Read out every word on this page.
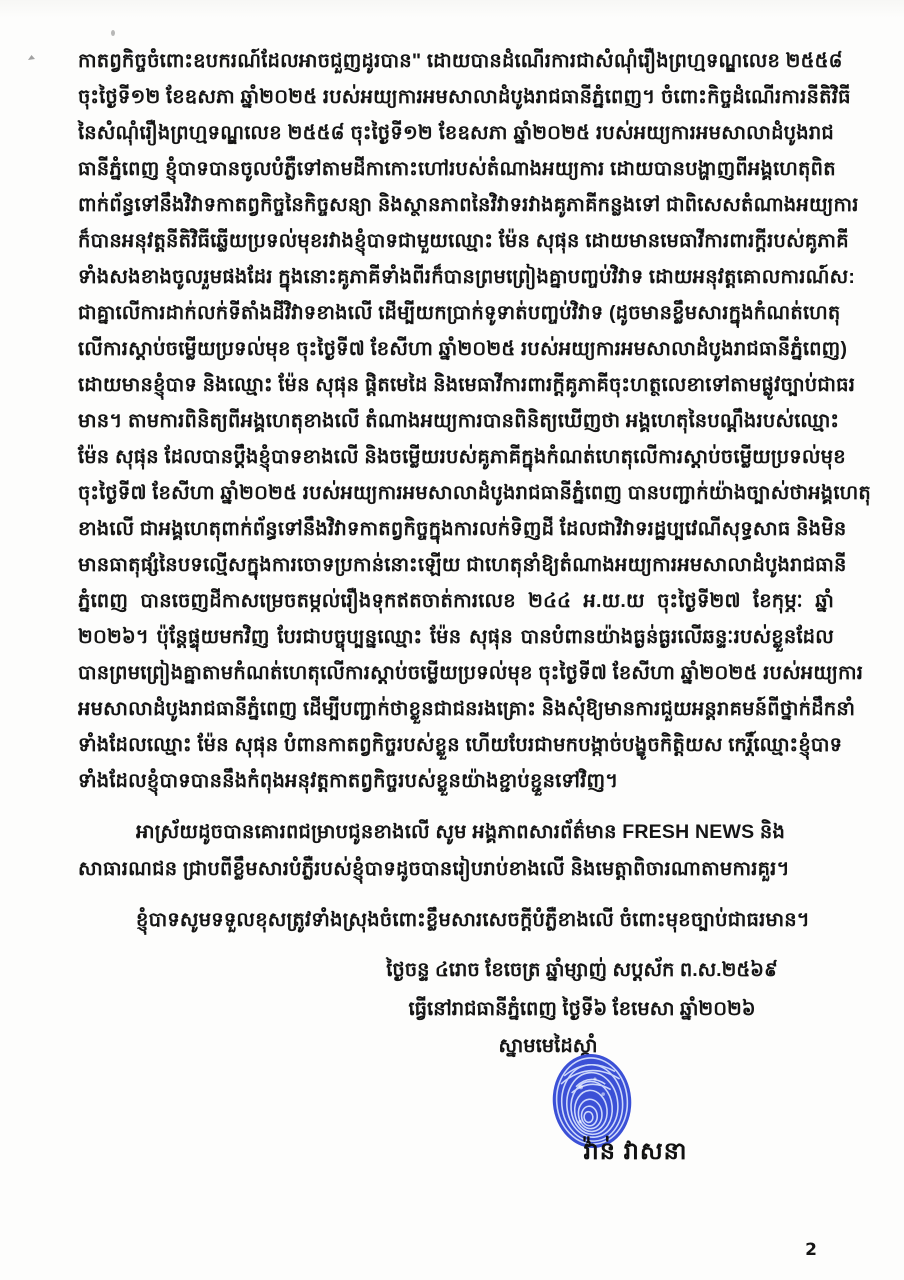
កាតព្វកិច្ចចំពោះឧបករណ៍ដែលអាចជួញដូរបាន" ដោយបានដំណើរការជាសំណុំរឿងព្រហ្មទណ្ឌលេខ ២៥៥៨
ចុះថ្ងៃទី១២ ខែឧសភា ឆ្នាំ២០២៥ របស់អយ្យការអមសាលាដំបូងរាជធានីភ្នំពេញ។ ចំពោះកិច្ចដំណើរការនីតិវិធី
នៃសំណុំរឿងព្រហ្មទណ្ឌលេខ ២៥៥៨ ចុះថ្ងៃទី១២ ខែឧសភា ឆ្នាំ២០២៥ របស់អយ្យការអមសាលាដំបូងរាជ
ធានីភ្នំពេញ ខ្ញុំបាទបានចូលបំភ្លឺទៅតាមដីកាកោះហៅរបស់តំណាងអយ្យការ ដោយបានបង្ហាញពីអង្គហេតុពិត
ពាក់ព័ន្ធទៅនឹងវិវាទកាតព្វកិច្ចនៃកិច្ចសន្យា និងស្ថានភាពនៃវិវាទរវាងគូភាគីកន្លងទៅ ជាពិសេសតំណាងអយ្យការ
ក៏បានអនុវត្តនីតិវិធីឆ្លើយប្រទល់មុខរវាងខ្ញុំបាទជាមួយឈ្មោះ ម៉ែន សុផុន ដោយមានមេធាវីការពារក្តីរបស់គូភាគី
ទាំងសងខាងចូលរួមផងដែរ ក្នុងនោះគូភាគីទាំងពីរក៏បានព្រមព្រៀងគ្នាបញ្ចប់វិវាទ ដោយអនុវត្តគោលការណ៍ស:
ជាគ្នាលើការដាក់លក់ទីតាំងដីវិវាទខាងលើ ដើម្បីយកប្រាក់ទូទាត់បញ្ចប់វិវាទ (ដូចមានខ្លឹមសារក្នុងកំណត់ហេតុ
លើការស្តាប់ចម្លើយប្រទល់មុខ ចុះថ្ងៃទី៧ ខែសីហា ឆ្នាំ២០២៥ របស់អយ្យការអមសាលាដំបូងរាជធានីភ្នំពេញ)
ដោយមានខ្ញុំបាទ និងឈ្មោះ ម៉ែន សុផុន ផ្តិតមេដៃ និងមេធាវីការពារក្តីគូភាគីចុះហត្ថលេខាទៅតាមផ្លូវច្បាប់ជាធរ
មាន។ តាមការពិនិត្យពីអង្គហេតុខាងលើ តំណាងអយ្យការបានពិនិត្យឃើញថា អង្គហេតុនៃបណ្តឹងរបស់ឈ្មោះ
ម៉ែន សុផុន ដែលបានប្តឹងខ្ញុំបាទខាងលើ និងចម្លើយរបស់គូភាគីក្នុងកំណត់ហេតុលើការស្តាប់ចម្លើយប្រទល់មុខ
ចុះថ្ងៃទី៧ ខែសីហា ឆ្នាំ២០២៥ របស់អយ្យការអមសាលាដំបូងរាជធានីភ្នំពេញ បានបញ្ជាក់យ៉ាងច្បាស់ថាអង្គហេតុ
ខាងលើ ជាអង្គហេតុពាក់ព័ន្ធទៅនឹងវិវាទកាតព្វកិច្ចក្នុងការលក់ទិញដី ដែលជាវិវាទរដ្ឋប្បវេណីសុទ្ធសាធ និងមិន
មានធាតុផ្សំនៃបទល្មើសក្នុងការចោទប្រកាន់នោះឡើយ ជាហេតុនាំឱ្យតំណាងអយ្យការអមសាលាដំបូងរាជធានី
ភ្នំពេញ បានចេញដីកាសម្រេចតម្កល់រឿងទុកឥតចាត់ការលេខ ២៤៤ អ.យ.យ ចុះថ្ងៃទី២៧ ខែកុម្ភៈ ឆ្នាំ
២០២៦។ ប៉ុន្តែផ្ទុយមកវិញ បែរជាបច្ចុប្បន្នឈ្មោះ ម៉ែន សុផុន បានបំពានយ៉ាងធ្ងន់ធ្ងរលើឆន្ទៈរបស់ខ្លួនដែល
បានព្រមព្រៀងគ្នាតាមកំណត់ហេតុលើការស្តាប់ចម្លើយប្រទល់មុខ ចុះថ្ងៃទី៧ ខែសីហា ឆ្នាំ២០២៥ របស់អយ្យការ
អមសាលាដំបូងរាជធានីភ្នំពេញ ដើម្បីបញ្ជាក់ថាខ្លួនជាជនរងគ្រោះ និងសុំឱ្យមានការជួយអន្តរាគមន៍ពីថ្នាក់ដឹកនាំ
ទាំងដែលឈ្មោះ ម៉ែន សុផុន បំពានកាតព្វកិច្ចរបស់ខ្លួន ហើយបែរជាមកបង្កាច់បង្ខូចកិត្តិយស កេរ្តិ៍ឈ្មោះខ្ញុំបាទ
ទាំងដែលខ្ញុំបាទបាននឹងកំពុងអនុវត្តកាតព្វកិច្ចរបស់ខ្លួនយ៉ាងខ្ជាប់ខ្ជួនទៅវិញ។
អាស្រ័យដូចបានគោរពជម្រាបជូនខាងលើ សូម អង្គភាពសារព័ត៌មាន FRESH NEWS និង
សាធារណជន ជ្រាបពីខ្លឹមសារបំភ្លឺរបស់ខ្ញុំបាទដូចបានរៀបរាប់ខាងលើ និងមេត្តាពិចារណាតាមការគួរ។
ខ្ញុំបាទសូមទទួលខុសត្រូវទាំងស្រុងចំពោះខ្លឹមសារសេចក្តីបំភ្លឺខាងលើ ចំពោះមុខច្បាប់ជាធរមាន។
ថ្ងៃចន្ទ ៤រោច ខែចេត្រ ឆ្នាំម្សាញ់ សប្តស័ក ព.ស.២៥៦៩
ធ្វើនៅរាជធានីភ្នំពេញ ថ្ងៃទី៦ ខែមេសា ឆ្នាំ២០២៦
ស្នាមមេដៃស្តាំ
វ៉ាន់ វាសនា
2
